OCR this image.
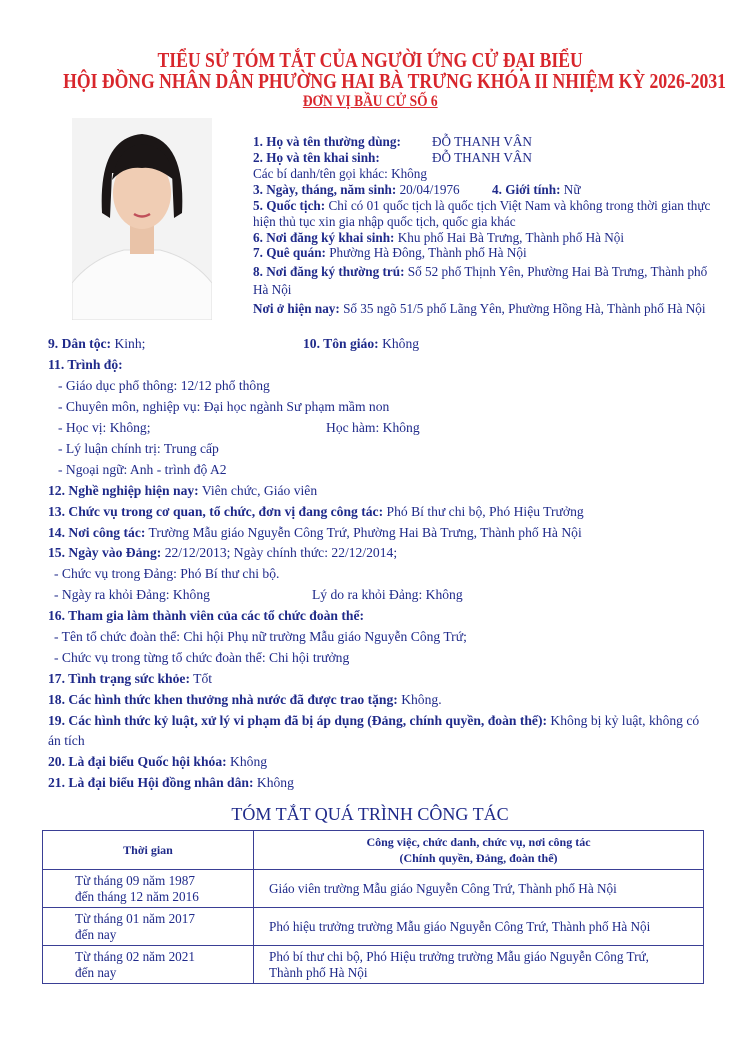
TIỂU SỬ TÓM TẮT CỦA NGƯỜI ỨNG CỬ ĐẠI BIỂU
HỘI ĐỒNG NHÂN DÂN PHƯỜNG HAI BÀ TRƯNG KHÓA II NHIỆM KỲ 2026-2031
ĐƠN VỊ BẦU CỬ SỐ 6
1. Họ và tên thường dùng: ĐỖ THANH VÂN
2. Họ và tên khai sinh:	ĐỖ THANH VÂN
Các bí danh/tên gọi khác: Không
3. Ngày, tháng, năm sinh: 20/04/1976 4. Giới tính: Nữ
5. Quốc tịch: Chỉ có 01 quốc tịch là quốc tịch Việt Nam và không trong thời gian thực
hiện thủ tục xin gia nhập quốc tịch, quốc gia khác
6. Nơi đăng ký khai sinh: Khu phố Hai Bà Trưng, Thành phố Hà Nội
7. Quê quán: Phường Hà Đông, Thành phố Hà Nội
8. Nơi đăng ký thường trú: Số 52 phố Thịnh Yên, Phường Hai Bà Trưng, Thành phố
Hà Nội
Nơi ở hiện nay: Số 35 ngõ 51/5 phố Lãng Yên, Phường Hồng Hà, Thành phố Hà Nội
9. Dân tộc: Kinh;	10. Tôn giáo: Không
11. Trình độ:
- Giáo dục phổ thông: 12/12 phổ thông
- Chuyên môn, nghiệp vụ: Đại học ngành Sư phạm mầm non
- Học vị: Không;	Học hàm: Không
- Lý luận chính trị: Trung cấp
- Ngoại ngữ: Anh - trình độ A2
12. Nghề nghiệp hiện nay: Viên chức, Giáo viên
13. Chức vụ trong cơ quan, tổ chức, đơn vị đang công tác: Phó Bí thư chi bộ, Phó Hiệu Trưởng
14. Nơi công tác: Trường Mẫu giáo Nguyễn Công Trứ, Phường Hai Bà Trưng, Thành phố Hà Nội
15. Ngày vào Đảng: 22/12/2013; Ngày chính thức: 22/12/2014;
- Chức vụ trong Đảng: Phó Bí thư chi bộ.
- Ngày ra khỏi Đảng: Không	Lý do ra khỏi Đảng: Không
16. Tham gia làm thành viên của các tổ chức đoàn thể:
- Tên tổ chức đoàn thể: Chi hội Phụ nữ trường Mẫu giáo Nguyễn Công Trứ;
- Chức vụ trong từng tổ chức đoàn thể: Chi hội trưởng
17. Tình trạng sức khỏe: Tốt
18. Các hình thức khen thưởng nhà nước đã được trao tặng: Không.
19. Các hình thức kỷ luật, xử lý vi phạm đã bị áp dụng (Đảng, chính quyền, đoàn thể): Không bị kỷ luật, không có
án tích
20. Là đại biểu Quốc hội khóa: Không
21. Là đại biểu Hội đồng nhân dân: Không
TÓM TẮT QUÁ TRÌNH CÔNG TÁC
Thời gian	Công việc, chức danh, chức vụ, nơi công tác
(Chính quyền, Đảng, đoàn thể)
Từ tháng 09 năm 1987
đến tháng 12 năm 2016	Giáo viên trường Mẫu giáo Nguyễn Công Trứ, Thành phố Hà Nội
Từ tháng 01 năm 2017
đến nay	Phó hiệu trưởng trường Mẫu giáo Nguyễn Công Trứ, Thành phố Hà Nội
Từ tháng 02 năm 2021
đến nay	Phó bí thư chi bộ, Phó Hiệu trưởng trường Mẫu giáo Nguyễn Công Trứ,
Thành phố Hà Nội
